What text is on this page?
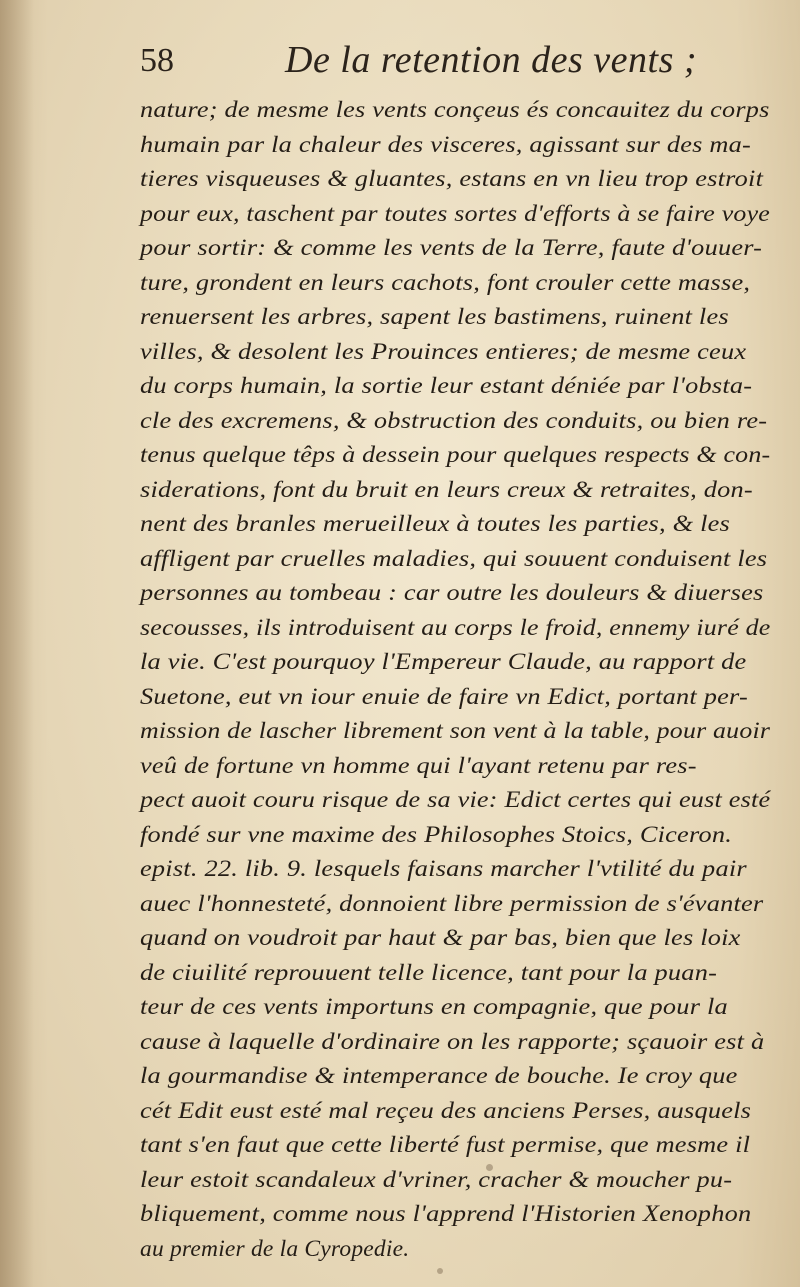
58	De la retention des vents ;
nature; de mesme les vents conçeus és concauitez du corps
humain par la chaleur des visceres, agissant sur des ma-
tieres visqueuses & gluantes, estans en vn lieu trop estroit
pour eux, taschent par toutes sortes d'efforts à se faire voye
pour sortir: & comme les vents de la Terre, faute d'ouuer-
ture, grondent en leurs cachots, font crouler cette masse,
renuersent les arbres, sapent les bastimens, ruinent les
villes, & desolent les Prouinces entieres; de mesme ceux
du corps humain, la sortie leur estant déniée par l'obsta-
cle des excremens, & obstruction des conduits, ou bien re-
tenus quelque têps à dessein pour quelques respects & con-
siderations, font du bruit en leurs creux & retraites, don-
nent des branles merueilleux à toutes les parties, & les
affligent par cruelles maladies, qui souuent conduisent les
personnes au tombeau : car outre les douleurs & diuerses
secousses, ils introduisent au corps le froid, ennemy iuré de
la vie. C'est pourquoy l'Empereur Claude, au rapport de
Suetone, eut vn iour enuie de faire vn Edict, portant per-
mission de lascher librement son vent à la table, pour auoir
veû de fortune vn homme qui l'ayant retenu par res-
pect auoit couru risque de sa vie: Edict certes qui eust esté
fondé sur vne maxime des Philosophes Stoics, Ciceron.
epist. 22. lib. 9. lesquels faisans marcher l'vtilité du pair
auec l'honnesteté, donnoient libre permission de s'évanter
quand on voudroit par haut & par bas, bien que les loix
de ciuilité reprouuent telle licence, tant pour la puan-
teur de ces vents importuns en compagnie, que pour la
cause à laquelle d'ordinaire on les rapporte; sçauoir est à
la gourmandise & intemperance de bouche. Ie croy que
cét Edit eust esté mal reçeu des anciens Perses, ausquels
tant s'en faut que cette liberté fust permise, que mesme il
leur estoit scandaleux d'vriner, cracher & moucher pu-
bliquement, comme nous l'apprend l'Historien Xenophon
au premier de la Cyropedie.
